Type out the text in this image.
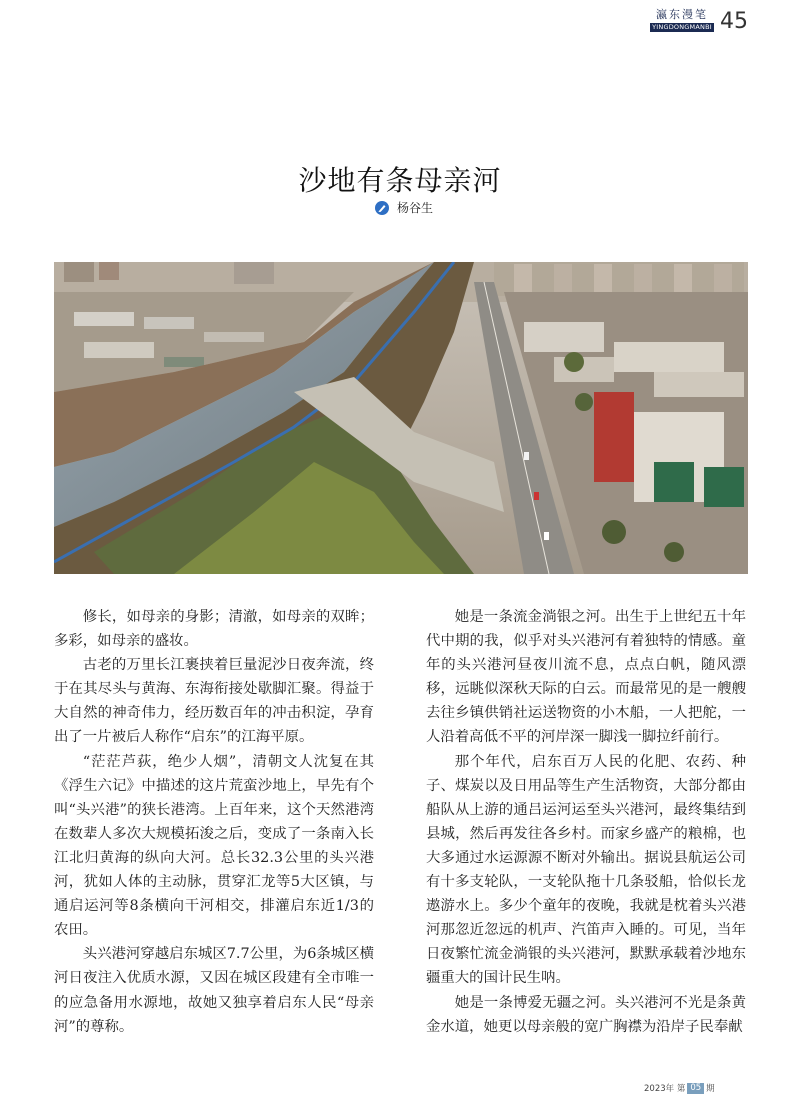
瀛东漫笔
YINGDONGMANBI 45
沙地有条母亲河
杨谷生

修长，如母亲的身影；清澈，如母亲的双眸；多彩，如母亲的盛妆。

古老的万里长江裹挟着巨量泥沙日夜奔流，终于在其尽头与黄海、东海衔接处歇脚汇聚。得益于大自然的神奇伟力，经历数百年的冲击积淀，孕育出了一片被后人称作“启东”的江海平原。

“茫茫芦荻，绝少人烟”，清朝文人沈复在其《浮生六记》中描述的这片荒蛮沙地上，早先有个叫“头兴港”的狭长港湾。上百年来，这个天然港湾在数辈人多次大规模拓浚之后，变成了一条南入长江北归黄海的纵向大河。总长32.3公里的头兴港河，犹如人体的主动脉，贯穿汇龙等5大区镇，与通启运河等8条横向干河相交，排灌启东近1/3的农田。

头兴港河穿越启东城区7.7公里，为6条城区横河日夜注入优质水源，又因在城区段建有全市唯一的应急备用水源地，故她又独享着启东人民“母亲河”的尊称。

她是一条流金淌银之河。出生于上世纪五十年代中期的我，似乎对头兴港河有着独特的情感。童年的头兴港河昼夜川流不息，点点白帆，随风漂移，远眺似深秋天际的白云。而最常见的是一艘艘去往乡镇供销社运送物资的小木船，一人把舵，一人沿着高低不平的河岸深一脚浅一脚拉纤前行。

那个年代，启东百万人民的化肥、农药、种子、煤炭以及日用品等生产生活物资，大部分都由船队从上游的通吕运河运至头兴港河，最终集结到县城，然后再发往各乡村。而家乡盛产的粮棉，也大多通过水运源源不断对外输出。据说县航运公司有十多支轮队，一支轮队拖十几条驳船，恰似长龙遨游水上。多少个童年的夜晚，我就是枕着头兴港河那忽近忽远的机声、汽笛声入睡的。可见，当年日夜繁忙流金淌银的头兴港河，默默承载着沙地东疆重大的国计民生呐。

她是一条博爱无疆之河。头兴港河不光是条黄金水道，她更以母亲般的宽广胸襟为沿岸子民奉献

2023年 第 05 期
